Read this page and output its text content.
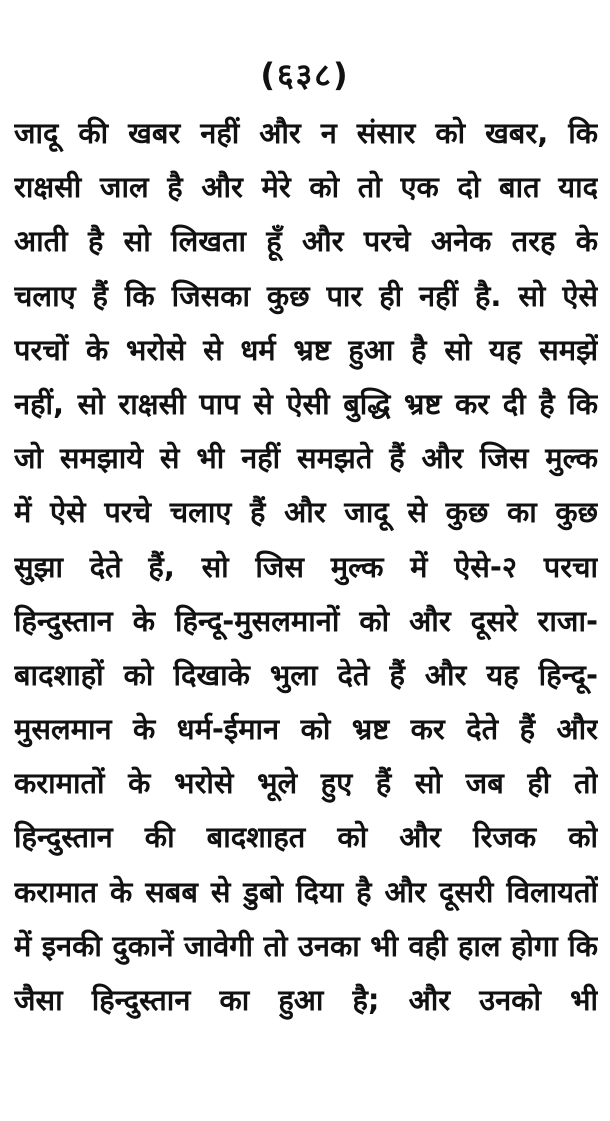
(६३८)
जादू की खबर नहीं और न संसार को खबर, कि
राक्षसी जाल है और मेरे को तो एक दो बात याद
आती है सो लिखता हूँ और परचे अनेक तरह के
चलाए हैं कि जिसका कुछ पार ही नहीं है. सो ऐसे
परचों के भरोसे से धर्म भ्रष्ट हुआ है सो यह समझें
नहीं, सो राक्षसी पाप से ऐसी बुद्धि भ्रष्ट कर दी है कि
जो समझाये से भी नहीं समझते हैं और जिस मुल्क
में ऐसे परचे चलाए हैं और जादू से कुछ का कुछ
सुझा देते हैं, सो जिस मुल्क में ऐसे-२ परचा
हिन्दुस्तान के हिन्दू-मुसलमानों को और दूसरे राजा-
बादशाहों को दिखाके भुला देते हैं और यह हिन्दू-
मुसलमान के धर्म-ईमान को भ्रष्ट कर देते हैं और
करामातों के भरोसे भूले हुए हैं सो जब ही तो
हिन्दुस्तान की बादशाहत को और रिजक को
करामात के सबब से डुबो दिया है और दूसरी विलायतों
में इनकी दुकानें जावेगी तो उनका भी वही हाल होगा कि
जैसा हिन्दुस्तान का हुआ है; और उनको भी
